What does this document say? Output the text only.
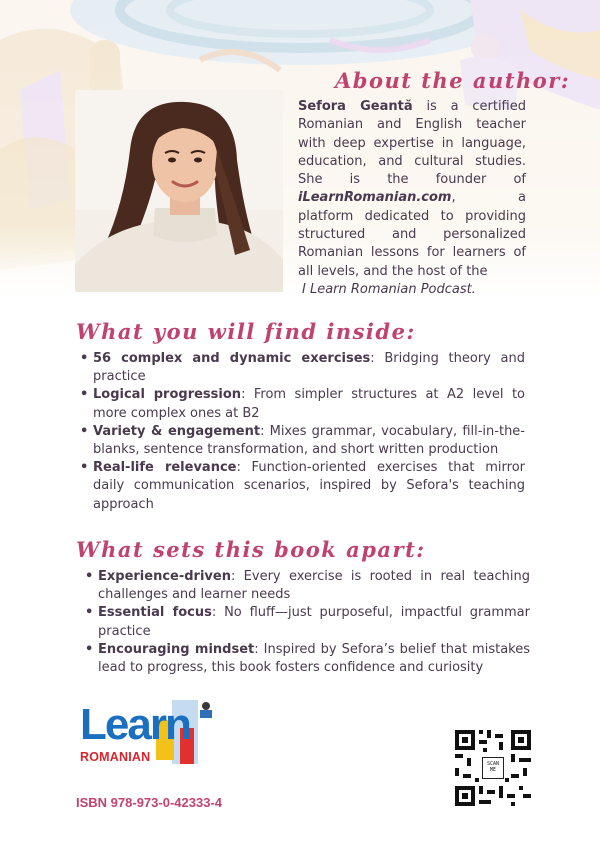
About the author:
Sefora Geantă is a certified Romanian and English teacher with deep expertise in language, education, and cultural studies. She is the founder of iLearnRomanian.com, a platform dedicated to providing structured and personalized Romanian lessons for learners of all levels, and the host of the
I Learn Romanian Podcast.
What you will find inside:
• 56 complex and dynamic exercises: Bridging theory and practice
• Logical progression: From simpler structures at A2 level to more complex ones at B2
• Variety & engagement: Mixes grammar, vocabulary, fill-in-the-blanks, sentence transformation, and short written production
• Real-life relevance: Function-oriented exercises that mirror daily communication scenarios, inspired by Sefora's teaching approach
What sets this book apart:
• Experience-driven: Every exercise is rooted in real teaching challenges and learner needs
• Essential focus: No fluff—just purposeful, impactful grammar practice
• Encouraging mindset: Inspired by Sefora’s belief that mistakes lead to progress, this book fosters confidence and curiosity
Learn
ROMANIAN
ISBN 978-973-0-42333-4
SCAN
ME
